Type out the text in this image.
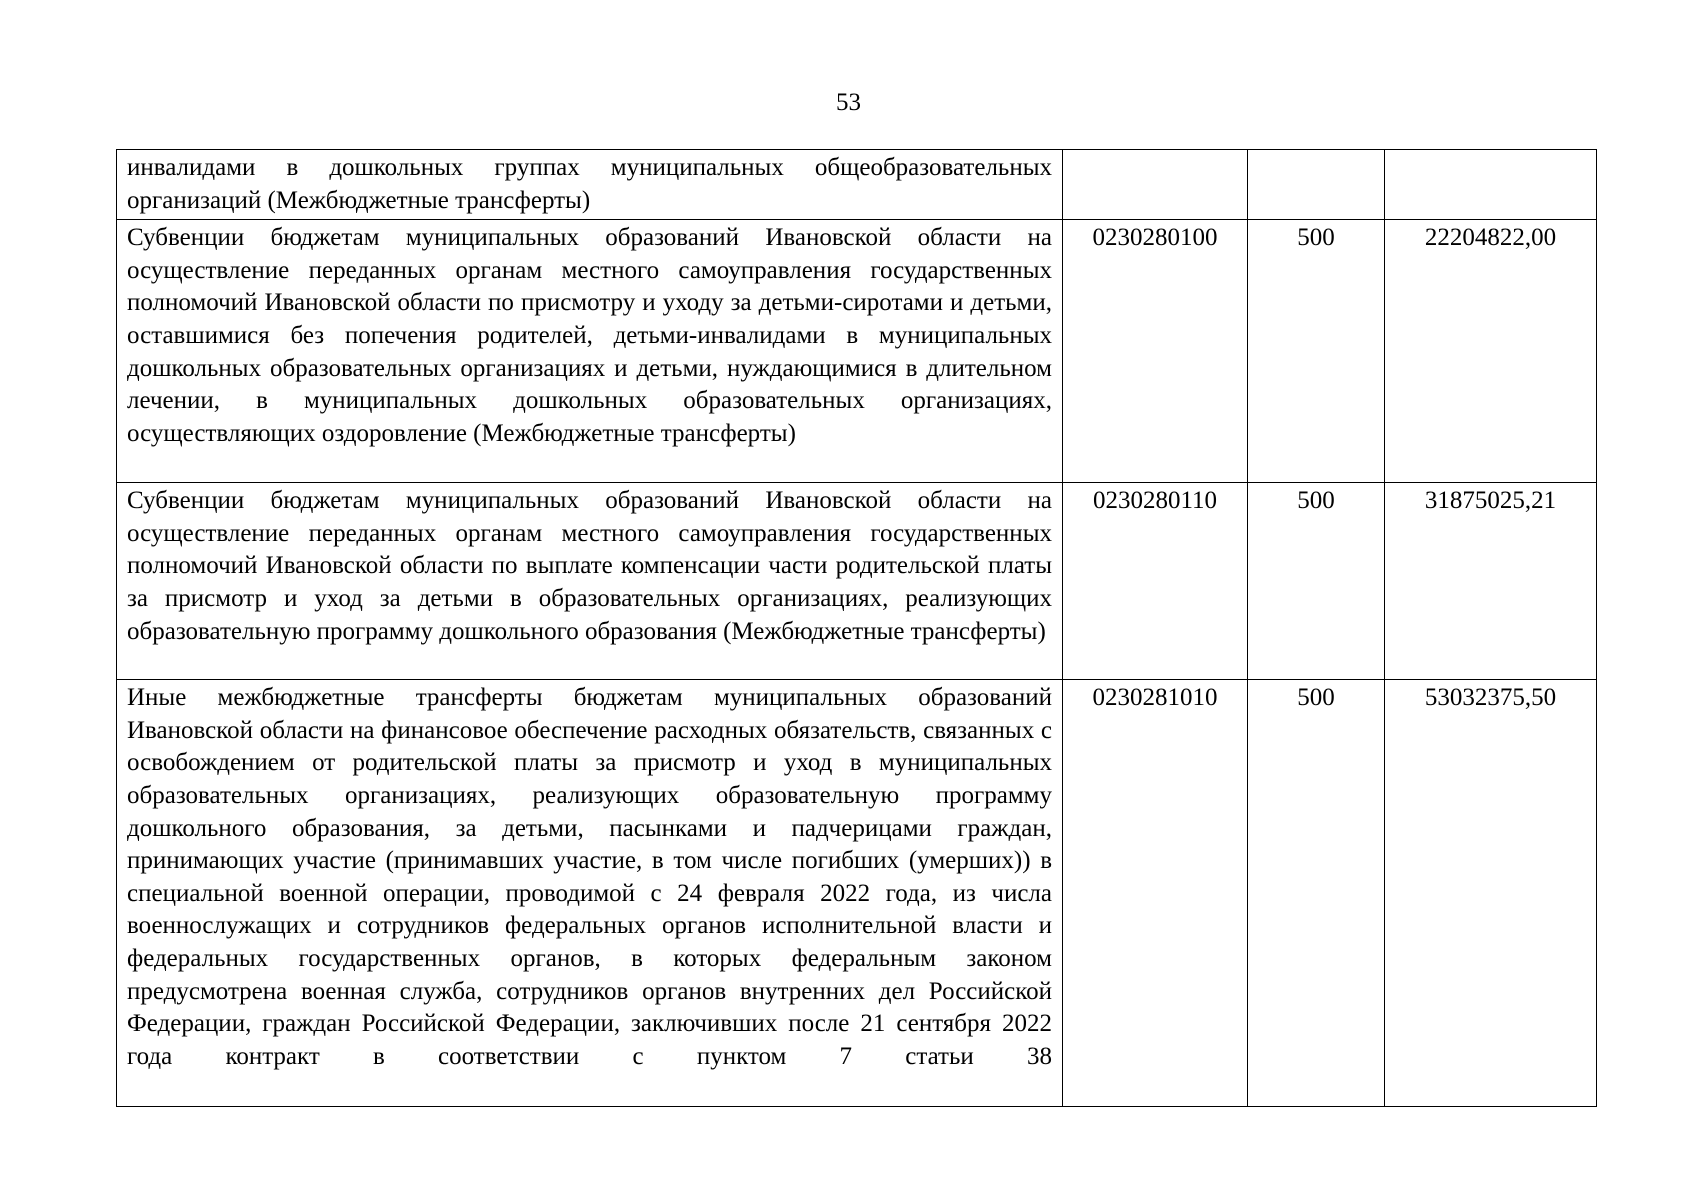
53
инвалидами в дошкольных группах муниципальных общеобразовательных организаций (Межбюджетные трансферты)			

Субвенции бюджетам муниципальных образований Ивановской области на осуществление переданных органам местного самоуправления государственных полномочий Ивановской области по присмотру и уходу за детьми-сиротами и детьми, оставшимися без попечения родителей, детьми-инвалидами в муниципальных дошкольных образовательных организациях и детьми, нуждающимися в длительном лечении, в муниципальных дошкольных образовательных организациях, осуществляющих оздоровление (Межбюджетные трансферты)	0230280100	500	22204822,00

Субвенции бюджетам муниципальных образований Ивановской области на осуществление переданных органам местного самоуправления государственных полномочий Ивановской области по выплате компенсации части родительской платы за присмотр и уход за детьми в образовательных организациях, реализующих образовательную программу дошкольного образования (Межбюджетные трансферты)	0230280110	500	31875025,21

Иные межбюджетные трансферты бюджетам муниципальных образований Ивановской области на финансовое обеспечение расходных обязательств, связанных с освобождением от родительской платы за присмотр и уход в муниципальных образовательных организациях, реализующих образовательную программу дошкольного образования, за детьми, пасынками и падчерицами граждан, принимающих участие (принимавших участие, в том числе погибших (умерших)) в специальной военной операции, проводимой с 24 февраля 2022 года, из числа военнослужащих и сотрудников федеральных органов исполнительной власти и федеральных государственных органов, в которых федеральным законом предусмотрена военная служба, сотрудников органов внутренних дел Российской Федерации, граждан Российской Федерации, заключивших после 21 сентября 2022 года контракт в соответствии с пунктом 7 статьи 38	0230281010	500	53032375,50
